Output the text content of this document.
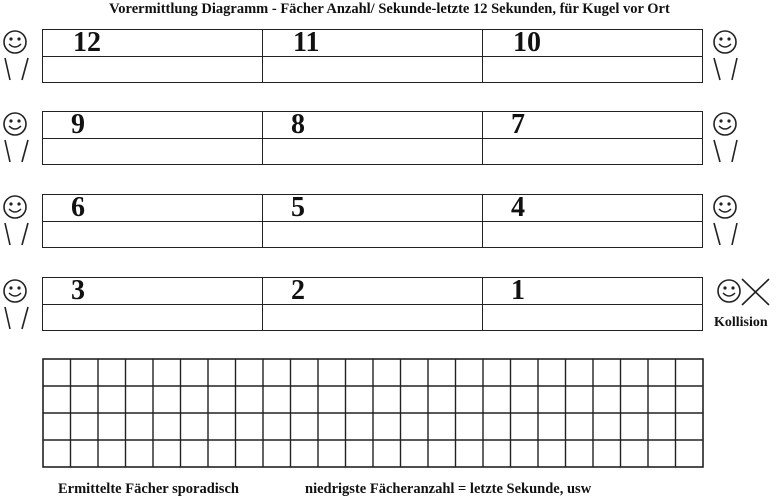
Vorermittlung Diagramm - Fächer Anzahl/ Sekunde-letzte 12 Sekunden, für Kugel vor Ort
12	11	10
9	8	7
6	5	4
3	2	1
Kollision
Ermittelte Fächer sporadisch	niedrigste Fächeranzahl = letzte Sekunde, usw
